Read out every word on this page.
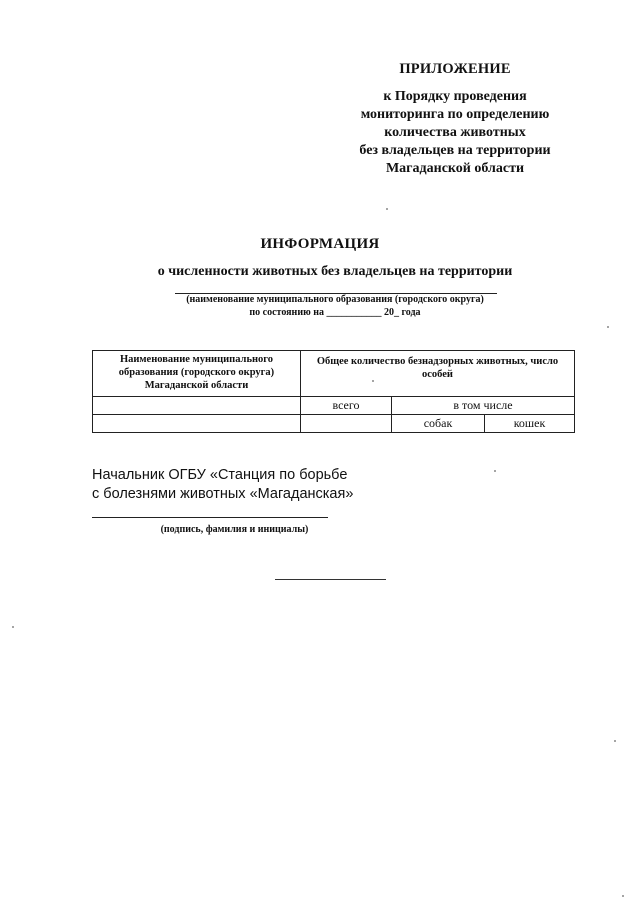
ПРИЛОЖЕНИЕ
к Порядку проведения
мониторинга по определению
количества животных
без владельцев на территории
Магаданской области
ИНФОРМАЦИЯ
о численности животных без владельцев на территории
(наименование муниципального образования (городского округа)
по состоянию на ___________ 20_ года
Наименование муниципального образования (городского округа) Магаданской области	Общее количество безнадзорных животных, число особей		
	всего	в том числе	
		собак	кошек
Начальник ОГБУ «Станция по борьбе
с болезнями животных «Магаданская»
(подпись, фамилия и инициалы)
